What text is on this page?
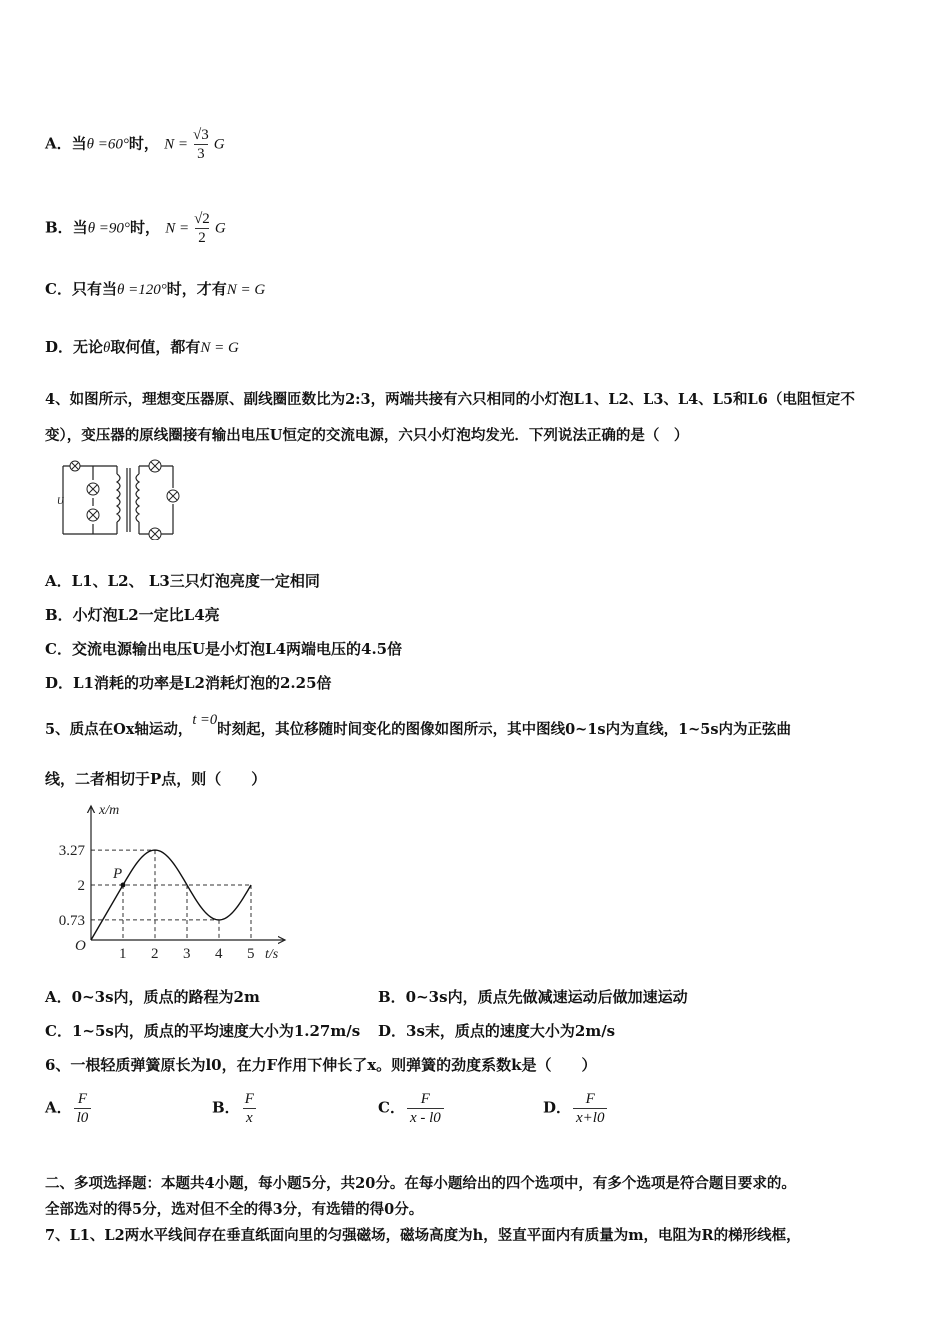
A．当θ =60°时， $N = \frac{√3}{3}$ G
B．当θ =90°时， $N = \frac{√2}{2}$ G
C．只有当θ =120°时，才有N = G
D．无论θ取何值，都有N = G
4、如图所示，理想变压器原、副线圈匝数比为2:3，两端共接有六只相同的小灯泡L1、L2、L3、L4、L5和L6（电阻恒定不
变），变压器的原线圈接有输出电压U恒定的交流电源，六只小灯泡均发光．下列说法正确的是（　）
U
A．L1、L2、 L3三只灯泡亮度一定相同
B．小灯泡L2一定比L4亮
C．交流电源输出电压U是小灯泡L4两端电压的4.5倍
D．L1消耗的功率是L2消耗灯泡的2.25倍
5、质点在Ox轴运动，t =0时刻起，其位移随时间变化的图像如图所示，其中图线0~1s内为直线，1~5s内为正弦曲
线，二者相切于P点，则（　　）
1 2 3 4 5
3.27
2
0.73
P
O
t/s
x/m
A．0~3s内，质点的路程为2m	B．0~3s内，质点先做减速运动后做加速运动
C．1~5s内，质点的平均速度大小为1.27m/s D．3s末，质点的速度大小为2m/s
6、一根轻质弹簧原长为l0，在力F作用下伸长了x。则弹簧的劲度系数k是（　　）
A． $\frac{F}{l0}$	B． $\frac{F}{x}$	C． $\frac{F}{x - l0}$	D． $\frac{F}{x+l0}$
二、多项选择题：本题共4小题，每小题5分，共20分。在每小题给出的四个选项中，有多个选项是符合题目要求的。
全部选对的得5分，选对但不全的得3分，有选错的得0分。
7、L1、L2两水平线间存在垂直纸面向里的匀强磁场，磁场高度为h，竖直平面内有质量为m，电阻为R的梯形线框，
